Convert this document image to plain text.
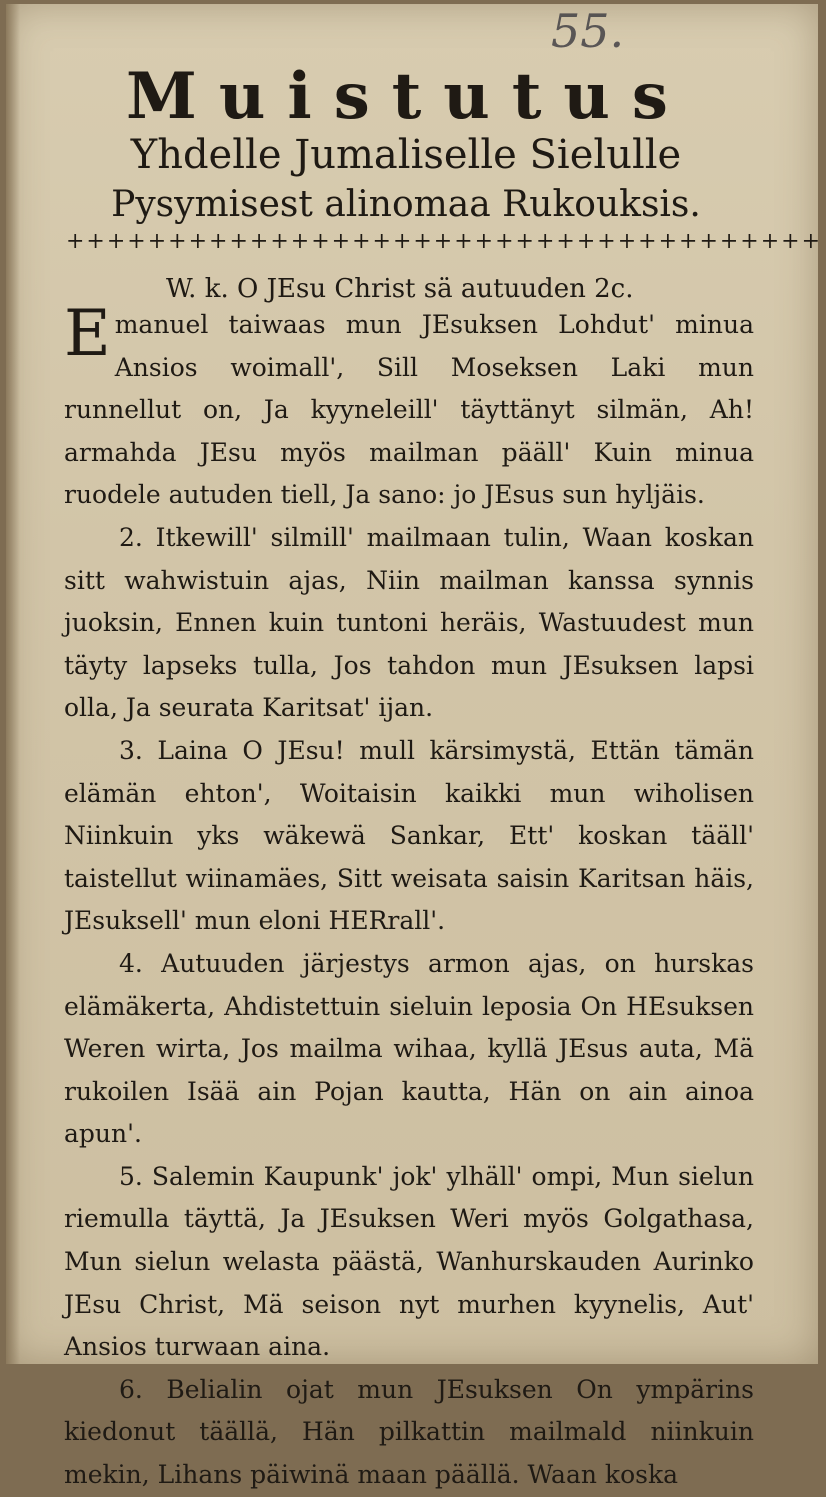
55.
Muistutus
Yhdelle Jumaliselle Sielulle
Pysymisest alinomaa Rukouksis.
+++++++++++++++++++++++++++++++++++++
W. k. O JEsu Christ sä autuuden 2c.

Emanuel taiwaas mun JEsuksen Lohdut' minua Ansios woimall', Sill Moseksen Laki mun runnellut on, Ja kyyneleill' täyttänyt silmän, Ah! armahda JEsu myös mailman pääll' Kuin minua ruodele autuden tiell, Ja sano: jo JEsus sun hyljäis.

2. Itkewill' silmill' mailmaan tulin, Waan koskan sitt wahwistuin ajas, Niin mailman kanssa synnis juoksin, Ennen kuin tuntoni heräis, Wastuudest mun täyty lapseks tulla, Jos tahdon mun JEsuksen lapsi olla, Ja seurata Karitsat' ijan.

3. Laina O JEsu! mull kärsimystä, Ettän tämän elämän ehton', Woitaisin kaikki mun wiholisen Niinkuin yks wäkewä Sankar, Ett' koskan tääll' taistellut wiinamäes, Sitt weisata saisin Karitsan häis, JEsuksell' mun eloni HERrall'.

4. Autuuden järjestys armon ajas, on hurskas elämäkerta, Ahdistettuin sieluin leposia On HEsuksen Weren wirta, Jos mailma wihaa, kyllä JEsus auta, Mä rukoilen Isää ain Pojan kautta, Hän on ain ainoa apun'.

5. Salemin Kaupunk' jok' ylhäll' ompi, Mun sielun riemulla täyttä, Ja JEsuksen Weri myös Golgathasa, Mun sielun welasta päästä, Wanhurskauden Aurinko JEsu Christ, Mä seison nyt murhen kyynelis, Aut' Ansios turwaan aina.

6. Belialin ojat mun JEsuksen On ympärins kiedonut täällä, Hän pilkattin mailmald niinkuin mekin, Lihans päiwinä maan päällä. Waan koska
